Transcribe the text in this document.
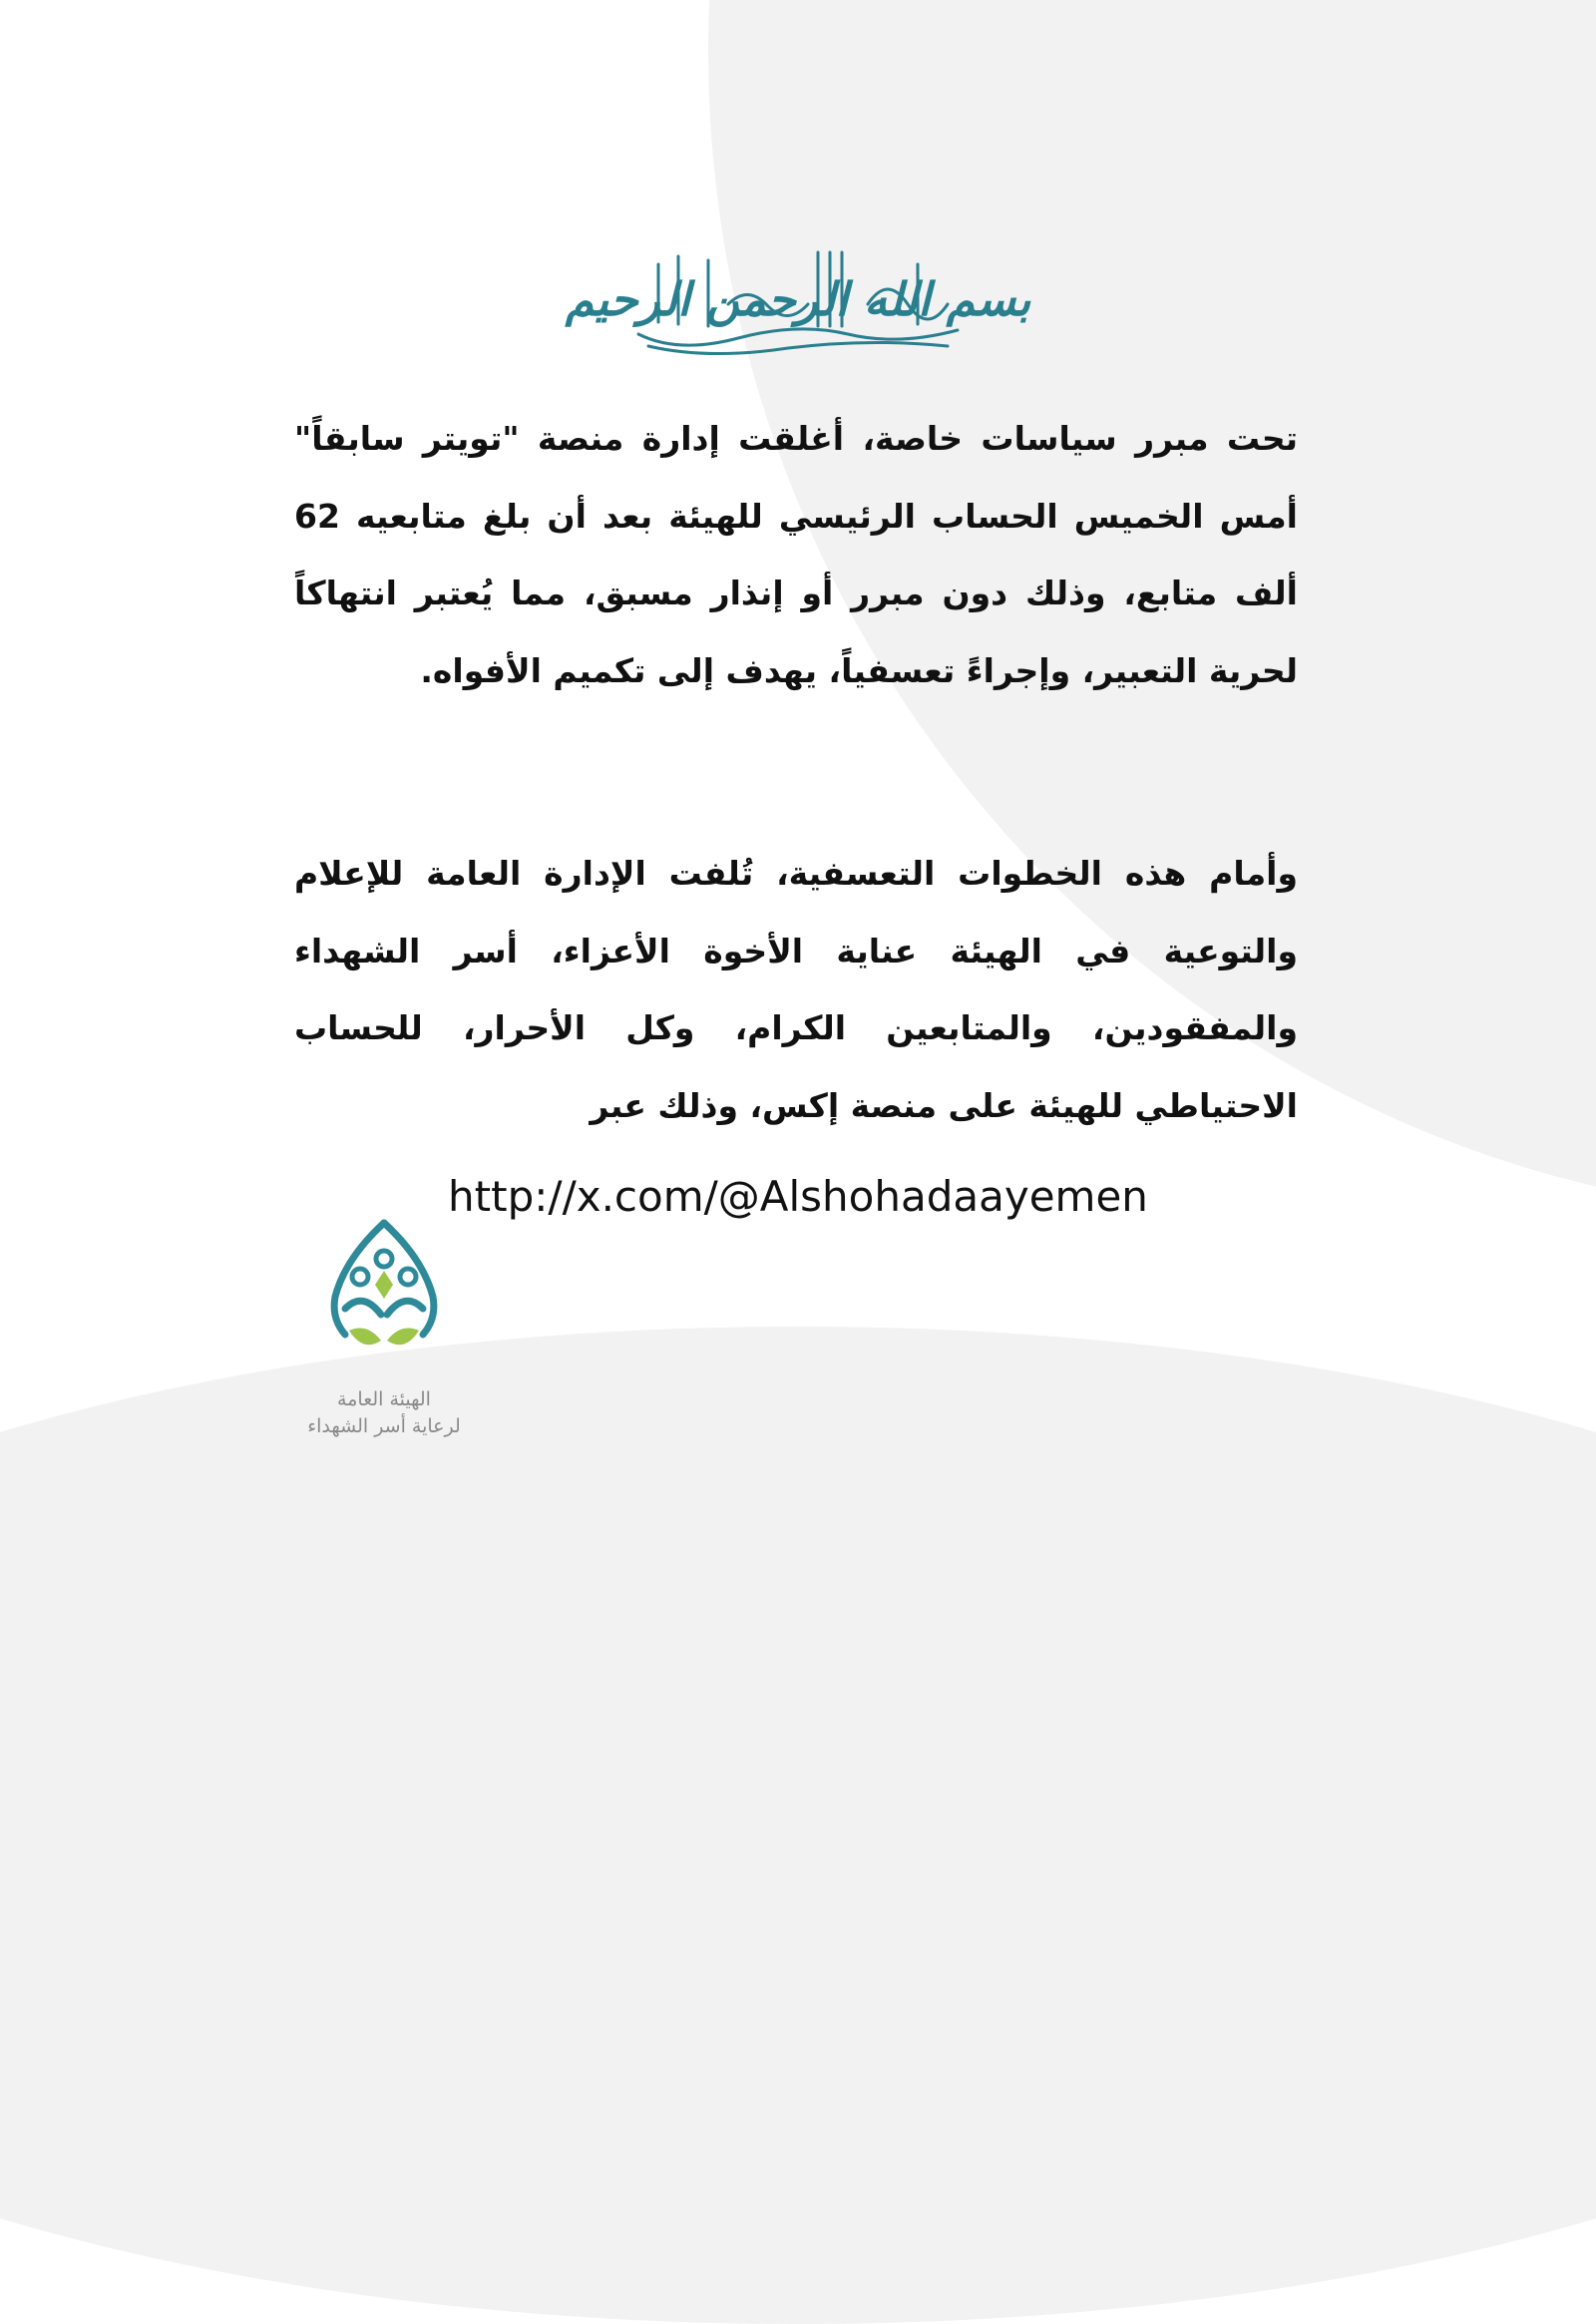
بسم الله الرحمن الرحيم
تحت مبرر سياسات خاصة، أغلقت إدارة منصة "تويتر سابقاً" أمس الخميس الحساب الرئيسي للهيئة بعد أن بلغ متابعيه 62 ألف متابع، وذلك دون مبرر أو إنذار مسبق، مما يُعتبر انتهاكاً لحرية التعبير، وإجراءً تعسفياً، يهدف إلى تكميم الأفواه.
وأمام هذه الخطوات التعسفية، تُلفت الإدارة العامة للإعلام والتوعية في الهيئة عناية الأخوة الأعزاء، أسر الشهداء والمفقودين، والمتابعين الكرام، وكل الأحرار، للحساب الاحتياطي للهيئة على منصة إكس، وذلك عبر
http://x.com/@Alshohadaayemen
الهيئة العامة
لرعاية أسر الشهداء
